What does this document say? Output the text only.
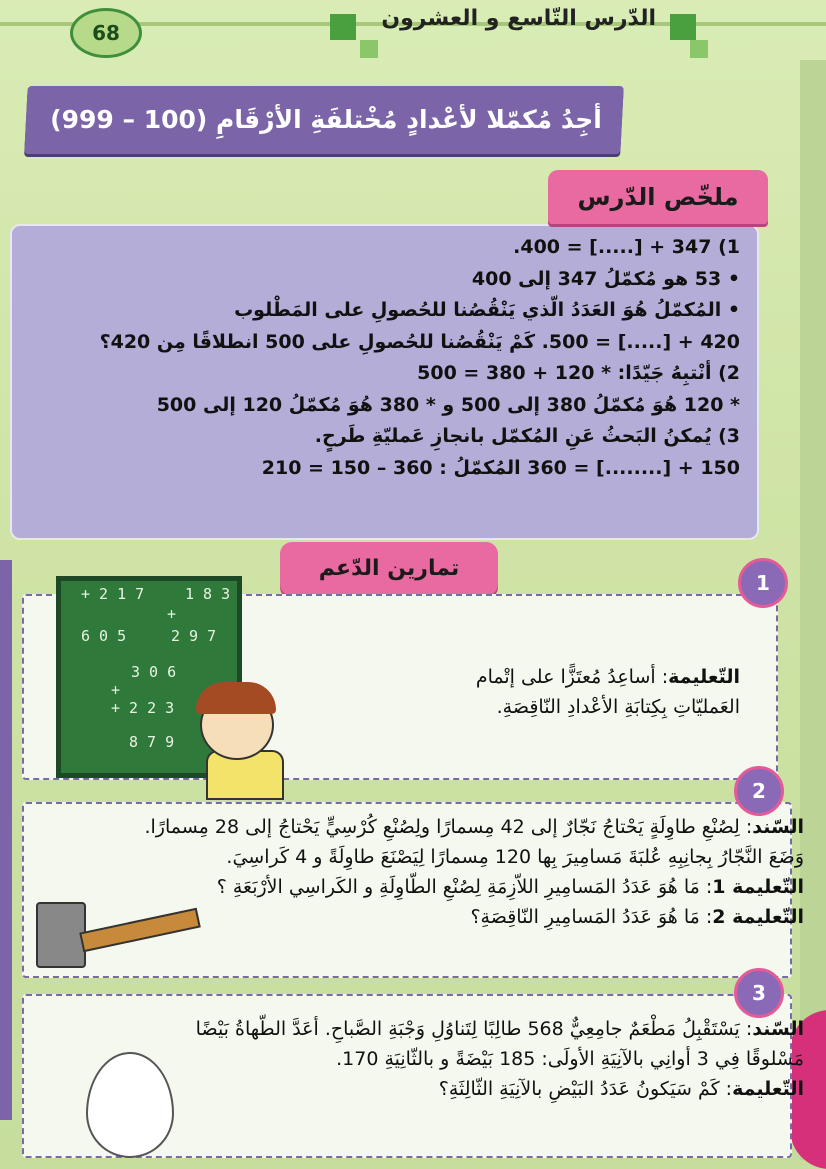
68
الدّرس التّاسع و العشرون
أجِدُ مُكمّلا لأعْدادٍ مُخْتلفَةِ الأرْقَامِ (100 – 999)
ملخّص الدّرس
1) 347 + [.....] = 400.
• 53 هو مُكمّلُ 347 إلى 400
• المُكمّلُ هُوَ العَدَدُ الّذي يَنْقُصُنا للحُصولِ على المَطْلوب
420 + [.....] = 500. كَمْ يَنْقُصُنا للحُصولِ على 500 انطلاقًا مِن 420؟
2) أنْتبِهُ جَيّدًا: * 120 + 380 = 500
* 120 هُوَ مُكمّلُ 380 إلى 500 و * 380 هُوَ مُكمّلُ 120 إلى 500
3) يُمكنُ البَحثُ عَنِ المُكمّل بانجازِ عَمليّةِ طَرحٍ.
150 + [........] = 360 المُكمّلُ : 360 – 150 = 210
تمارين الدّعم
1
+ 2 1 7	1 8 3
+
6 0 5	2 9 7
3 0 6
+
+ 2 2 3
8 7 9
التّعليمة: أساعِدُ مُعتَزًّا على إتْمام
العَمليّاتِ بِكِتابَةِ الأعْدادِ النّاقِصَةِ.
2
السّند: لِصُنْعِ طاوِلَةٍ يَحْتاجُ نَجّارٌ إلى 42 مِسمارًا ولِصُنْعِ كُرْسِيٍّ يَحْتاجُ إلى 28 مِسمارًا.
وَضَعَ النَّجّارُ بِجانِبِهِ عُلبَةَ مَسامِيرَ بِها 120 مِسمارًا لِيَصْنَعَ طاوِلَةً و 4 كَراسِيَ.
التّعليمة 1: مَا هُوَ عَدَدُ المَسامِيرِ اللاّزِمَةِ لِصُنْعِ الطّاوِلَةِ و الكَراسِي الأرْبَعَةِ ؟
التّعليمة 2: مَا هُوَ عَدَدُ المَسامِيرِ النّاقِصَةِ؟
3
السّند: يَسْتَقْبِلُ مَطْعَمٌ جامِعِيٌّ 568 طالِبًا لِتَناوُلِ وَجْبَةِ الصَّباحِ. أعَدَّ الطّهاةُ بَيْضًا
مَسْلوقًا فِي 3 أوانِي بالآنِيَةِ الأولَى: 185 بَيْضَةً و بالثّانِيَةِ 170.
التّعليمة: كَمْ سَيَكونُ عَدَدُ البَيْضِ بالآنِيَةِ الثّالِثَةِ؟
